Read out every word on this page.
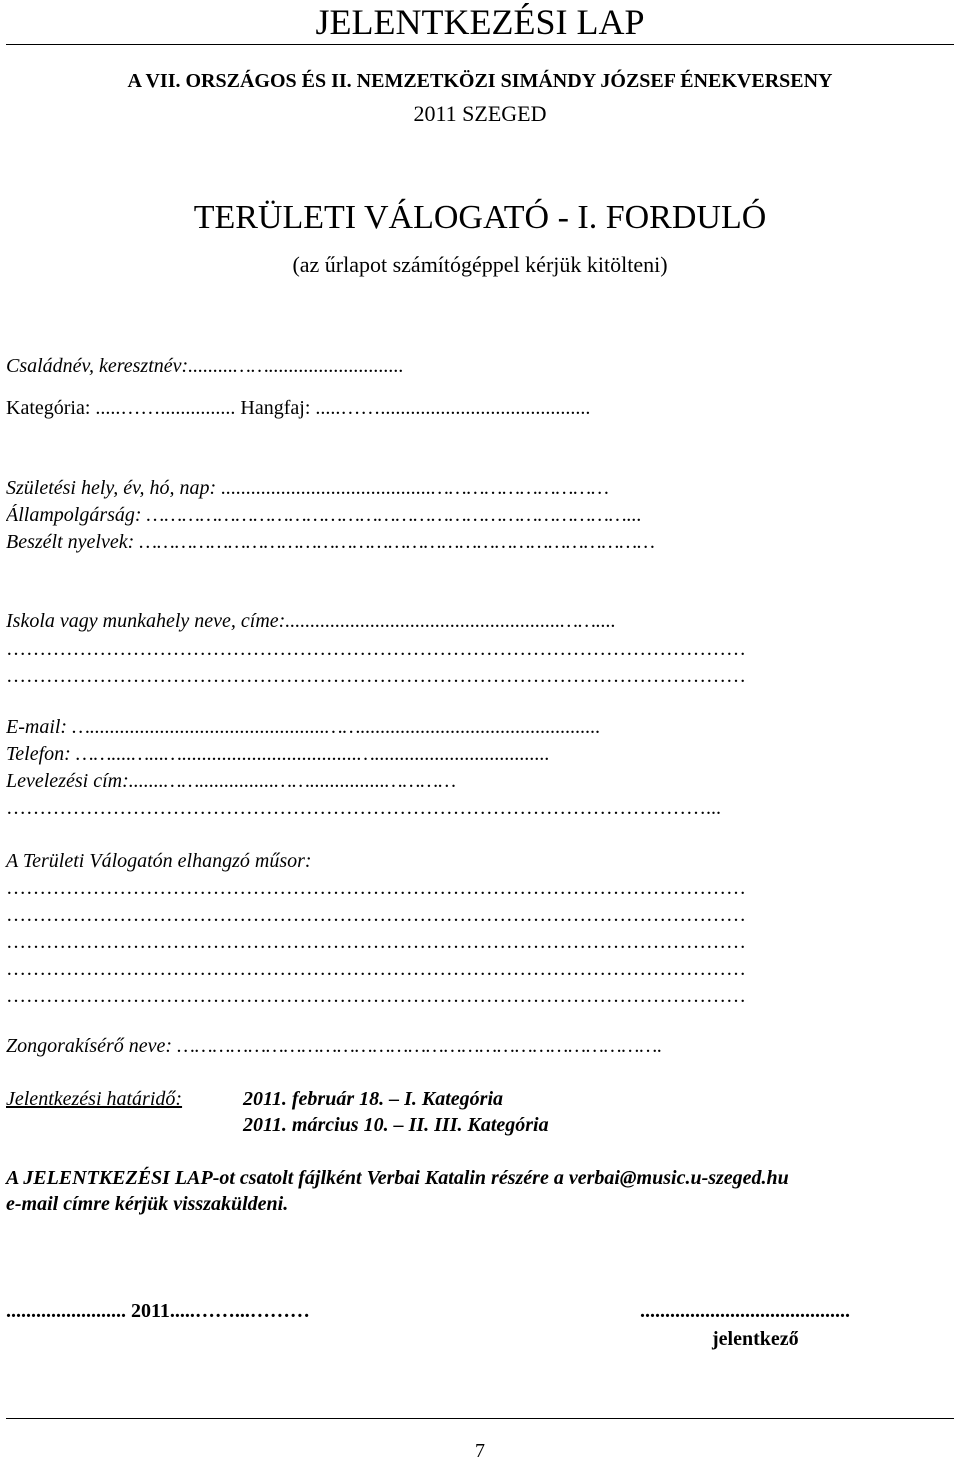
JELENTKEZÉSI LAP
A VII. ORSZÁGOS ÉS II. NEMZETKÖZI SIMÁNDY JÓZSEF ÉNEKVERSENY
2011 SZEGED
TERÜLETI VÁLOGATÓ - I. FORDULÓ
(az űrlapot számítógéppel kérjük kitölteni)
Családnév, keresztnév:.........……...........................
Kategória: .....……............... Hangfaj: .....……..........................................
Születési hely, év, hó, nap: ..........................................…………………………
Állampolgárság: ………………………………………………………………………...
Beszélt nyelvek: ……………………………………………………………………………
Iskola vagy munkahely neve, címe:.......................................................……....
…………………………………………………………………………………………………
…………………………………………………………………………………………………
E-mail: …...............................................……................................................
Telefon: ……....…...…...................................…...................................
Levelezési cím:.......……...............……...............…………
……………………………………………………………………………………………...
A Területi Válogatón elhangzó műsor:
…………………………………………………………………………………………………
…………………………………………………………………………………………………
…………………………………………………………………………………………………
…………………………………………………………………………………………………
…………………………………………………………………………………………………
Zongorakísérő neve: ……………………………………………………………………….
Jelentkezési határidő:	2011. február 18. – I. Kategória
2011. március 10. – II. III. Kategória
A JELENTKEZÉSI LAP-ot csatolt fájlként Verbai Katalin részére a verbai@music.u-szeged.hu
e-mail címre kérjük visszaküldeni.
........................ 2011.....……...………	..........................................
jelentkező
7
